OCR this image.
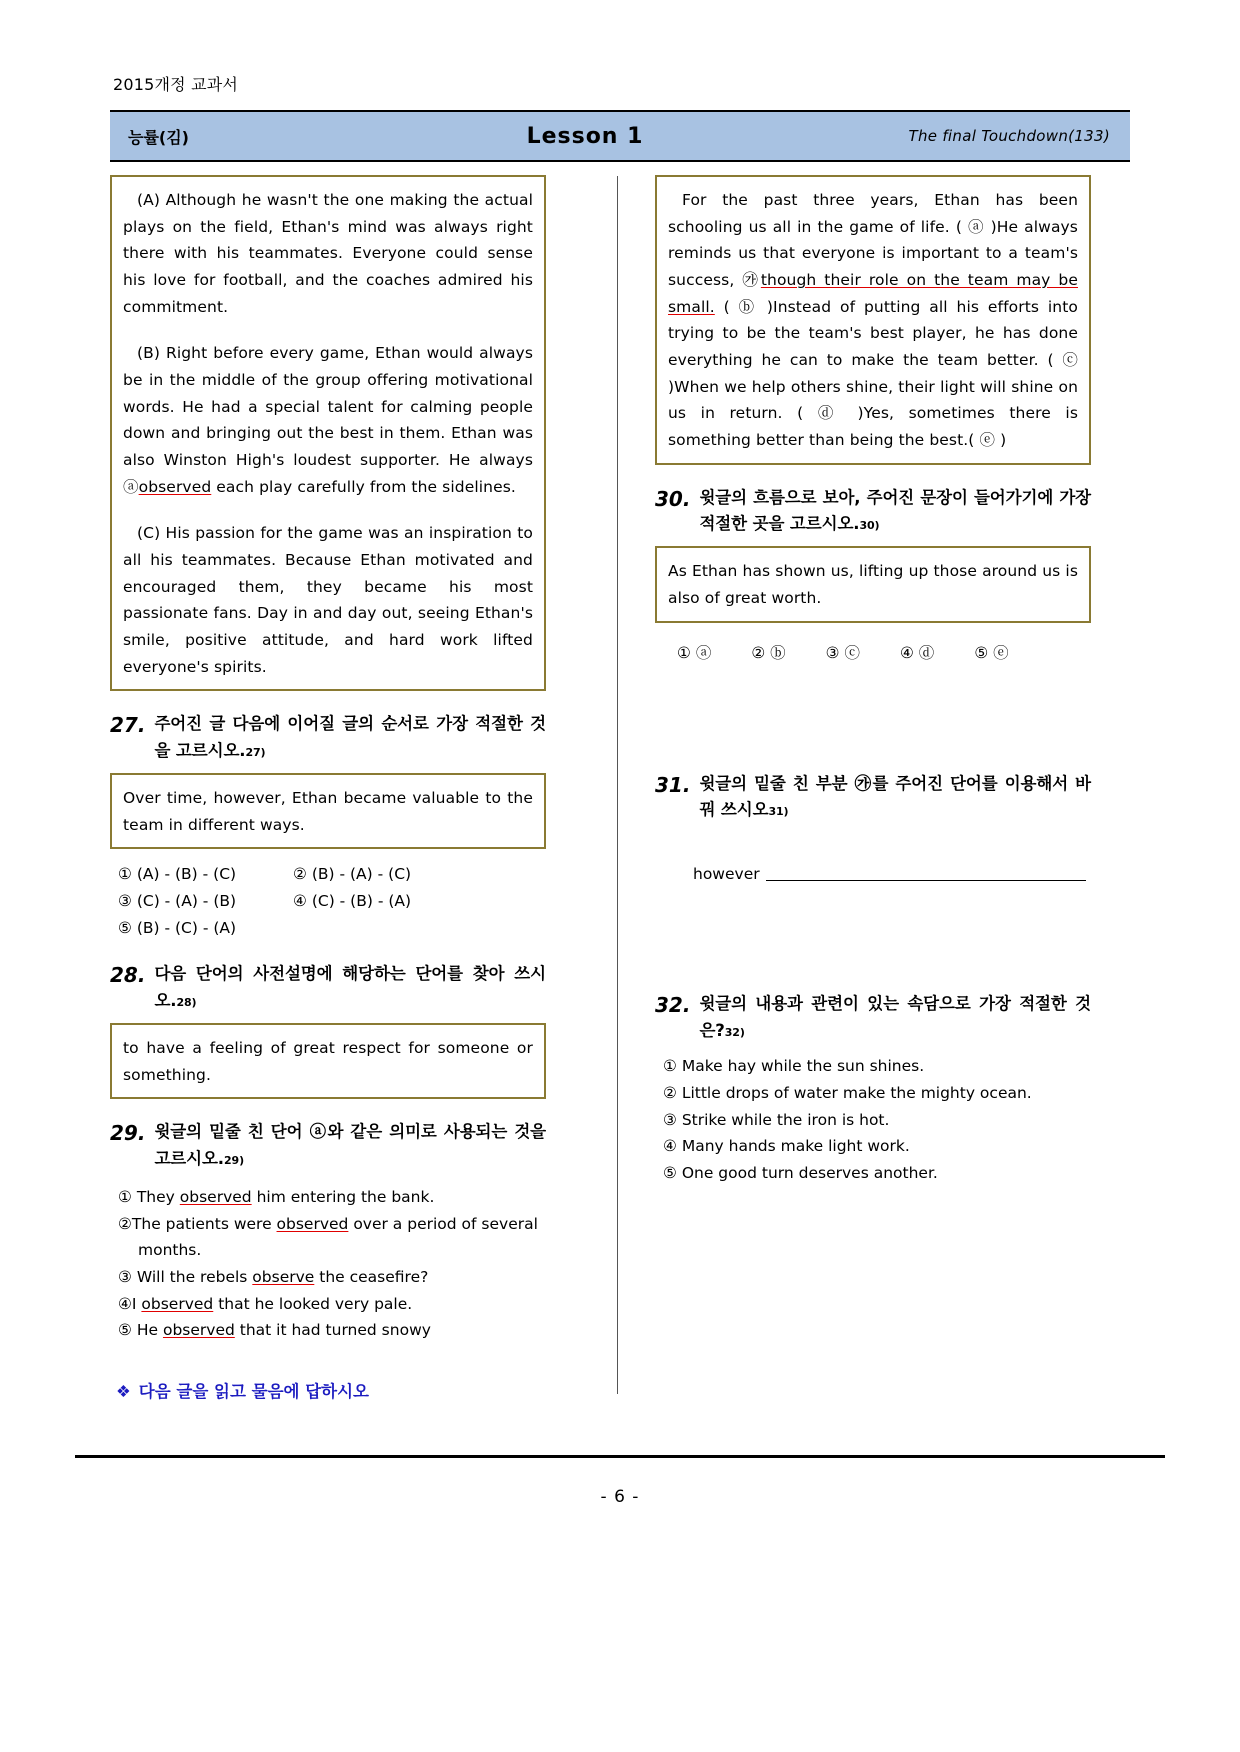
2015개정 교과서
능률(김)	Lesson 1	The final Touchdown(133)

(A) Although he wasn't the one making the actual plays on the field, Ethan's mind was always right there with his teammates. Everyone could sense his love for football, and the coaches admired his commitment.

(B) Right before every game, Ethan would always be in the middle of the group offering motivational words. He had a special talent for calming people down and bringing out the best in them. Ethan was also Winston High's loudest supporter. He always ⓐobserved each play carefully from the sidelines.

(C) His passion for the game was an inspiration to all his teammates. Because Ethan motivated and encouraged them, they became his most passionate fans. Day in and day out, seeing Ethan's smile, positive attitude, and hard work lifted everyone's spirits.

27. 주어진 글 다음에 이어질 글의 순서로 가장 적절한 것을 고르시오.27)

Over time, however, Ethan became valuable to the team in different ways.

① (A) - (B) - (C)	② (B) - (A) - (C)
③ (C) - (A) - (B)	④ (C) - (B) - (A)
⑤ (B) - (C) - (A)
28. 다음 단어의 사전설명에 해당하는 단어를 찾아 쓰시오.28)

to have a feeling of great respect for someone or something.

29. 윗글의 밑줄 친 단어 ⓐ와 같은 의미로 사용되는 것을 고르시오.29)
① They observed him entering the bank.
②The patients were observed over a period of several months.
③ Will the rebels observe the ceasefire?
④I observed that he looked very pale.
⑤ He observed that it had turned snowy
❖ 다음 글을 읽고 물음에 답하시오

For the past three years, Ethan has been schooling us all in the game of life. ( ⓐ )He always reminds us that everyone is important to a team's success, ㉮though their role on the team may be small. ( ⓑ )Instead of putting all his efforts into trying to be the team's best player, he has done everything he can to make the team better. ( ⓒ )When we help others shine, their light will shine on us in return. ( ⓓ )Yes, sometimes there is something better than being the best.( ⓔ )

30. 윗글의 흐름으로 보아, 주어진 문장이 들어가기에 가장 적절한 곳을 고르시오.30)

As Ethan has shown us, lifting up those around us is also of great worth.

① ⓐ	② ⓑ	③ ⓒ	④ ⓓ	⑤ ⓔ
31. 윗글의 밑줄 친 부분 ㉮를 주어진 단어를 이용해서 바꿔 쓰시오31)
however
32. 윗글의 내용과 관련이 있는 속담으로 가장 적절한 것은?32)
① Make hay while the sun shines.
② Little drops of water make the mighty ocean.
③ Strike while the iron is hot.
④ Many hands make light work.
⑤ One good turn deserves another.
- 6 -
